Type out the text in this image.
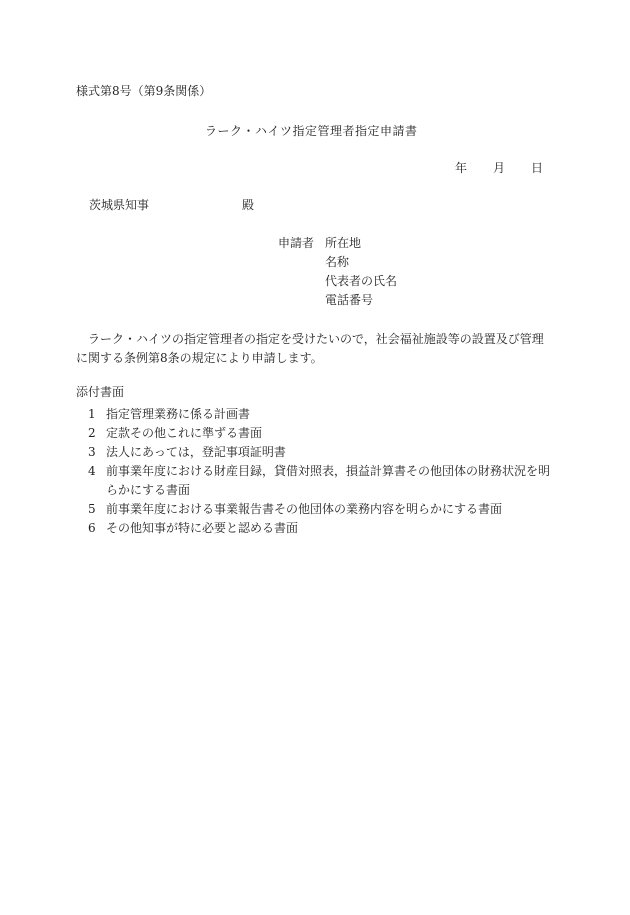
様式第8号（第9条関係）
ラーク・ハイツ指定管理者指定申請書
年 月 日
茨城県知事	殿
申請者 所在地
名称
代表者の氏名
電話番号
ラーク・ハイツの指定管理者の指定を受けたいので，社会福祉施設等の設置及び管理に関する条例第8条の規定により申請します。
添付書面
1 指定管理業務に係る計画書
2 定款その他これに準ずる書面
3 法人にあっては，登記事項証明書
4 前事業年度における財産目録，貸借対照表，損益計算書その他団体の財務状況を明らかにする書面
5 前事業年度における事業報告書その他団体の業務内容を明らかにする書面
6 その他知事が特に必要と認める書面
